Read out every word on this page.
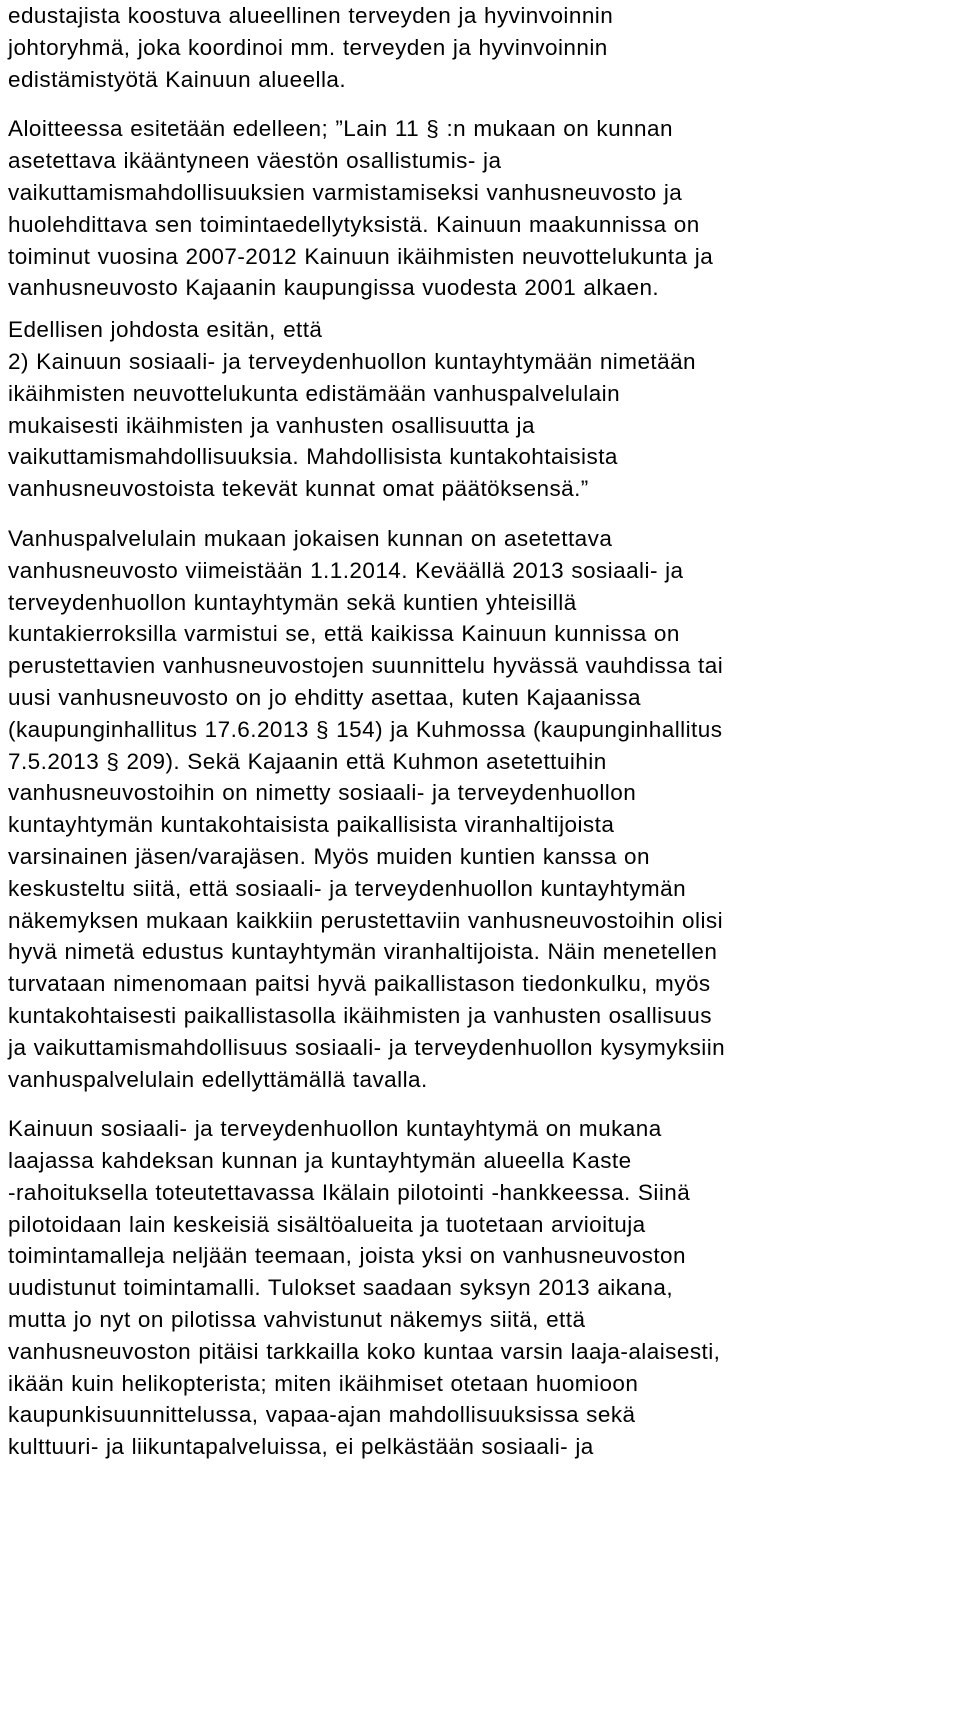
edustajista koostuva alueellinen terveyden ja hyvinvoinnin
johtoryhmä, joka koordinoi mm. terveyden ja hyvinvoinnin
edistämistyötä Kainuun alueella.
Aloitteessa esitetään edelleen; ”Lain 11 § :n mukaan on kunnan
asetettava ikääntyneen väestön osallistumis- ja
vaikuttamismahdollisuuksien varmistamiseksi vanhusneuvosto ja
huolehdittava sen toimintaedellytyksistä. Kainuun maakunnissa on
toiminut vuosina 2007-2012 Kainuun ikäihmisten neuvottelukunta ja
vanhusneuvosto Kajaanin kaupungissa vuodesta 2001 alkaen.
Edellisen johdosta esitän, että
2) Kainuun sosiaali- ja terveydenhuollon kuntayhtymään nimetään
ikäihmisten neuvottelukunta edistämään vanhuspalvelulain
mukaisesti ikäihmisten ja vanhusten osallisuutta ja
vaikuttamismahdollisuuksia. Mahdollisista kuntakohtaisista
vanhusneuvostoista tekevät kunnat omat päätöksensä.”
Vanhuspalvelulain mukaan jokaisen kunnan on asetettava
vanhusneuvosto viimeistään 1.1.2014. Keväällä 2013 sosiaali- ja
terveydenhuollon kuntayhtymän sekä kuntien yhteisillä
kuntakierroksilla varmistui se, että kaikissa Kainuun kunnissa on
perustettavien vanhusneuvostojen suunnittelu hyvässä vauhdissa tai
uusi vanhusneuvosto on jo ehditty asettaa, kuten Kajaanissa
(kaupunginhallitus 17.6.2013 § 154) ja Kuhmossa (kaupunginhallitus
7.5.2013 § 209). Sekä Kajaanin että Kuhmon asetettuihin
vanhusneuvostoihin on nimetty sosiaali- ja terveydenhuollon
kuntayhtymän kuntakohtaisista paikallisista viranhaltijoista
varsinainen jäsen/varajäsen. Myös muiden kuntien kanssa on
keskusteltu siitä, että sosiaali- ja terveydenhuollon kuntayhtymän
näkemyksen mukaan kaikkiin perustettaviin vanhusneuvostoihin olisi
hyvä nimetä edustus kuntayhtymän viranhaltijoista. Näin menetellen
turvataan nimenomaan paitsi hyvä paikallistason tiedonkulku, myös
kuntakohtaisesti paikallistasolla ikäihmisten ja vanhusten osallisuus
ja vaikuttamismahdollisuus sosiaali- ja terveydenhuollon kysymyksiin
vanhuspalvelulain edellyttämällä tavalla.
Kainuun sosiaali- ja terveydenhuollon kuntayhtymä on mukana
laajassa kahdeksan kunnan ja kuntayhtymän alueella Kaste
-rahoituksella toteutettavassa Ikälain pilotointi -hankkeessa. Siinä
pilotoidaan lain keskeisiä sisältöalueita ja tuotetaan arvioituja
toimintamalleja neljään teemaan, joista yksi on vanhusneuvoston
uudistunut toimintamalli. Tulokset saadaan syksyn 2013 aikana,
mutta jo nyt on pilotissa vahvistunut näkemys siitä, että
vanhusneuvoston pitäisi tarkkailla koko kuntaa varsin laaja-alaisesti,
ikään kuin helikopterista; miten ikäihmiset otetaan huomioon
kaupunkisuunnittelussa, vapaa-ajan mahdollisuuksissa sekä
kulttuuri- ja liikuntapalveluissa, ei pelkästään sosiaali- ja
